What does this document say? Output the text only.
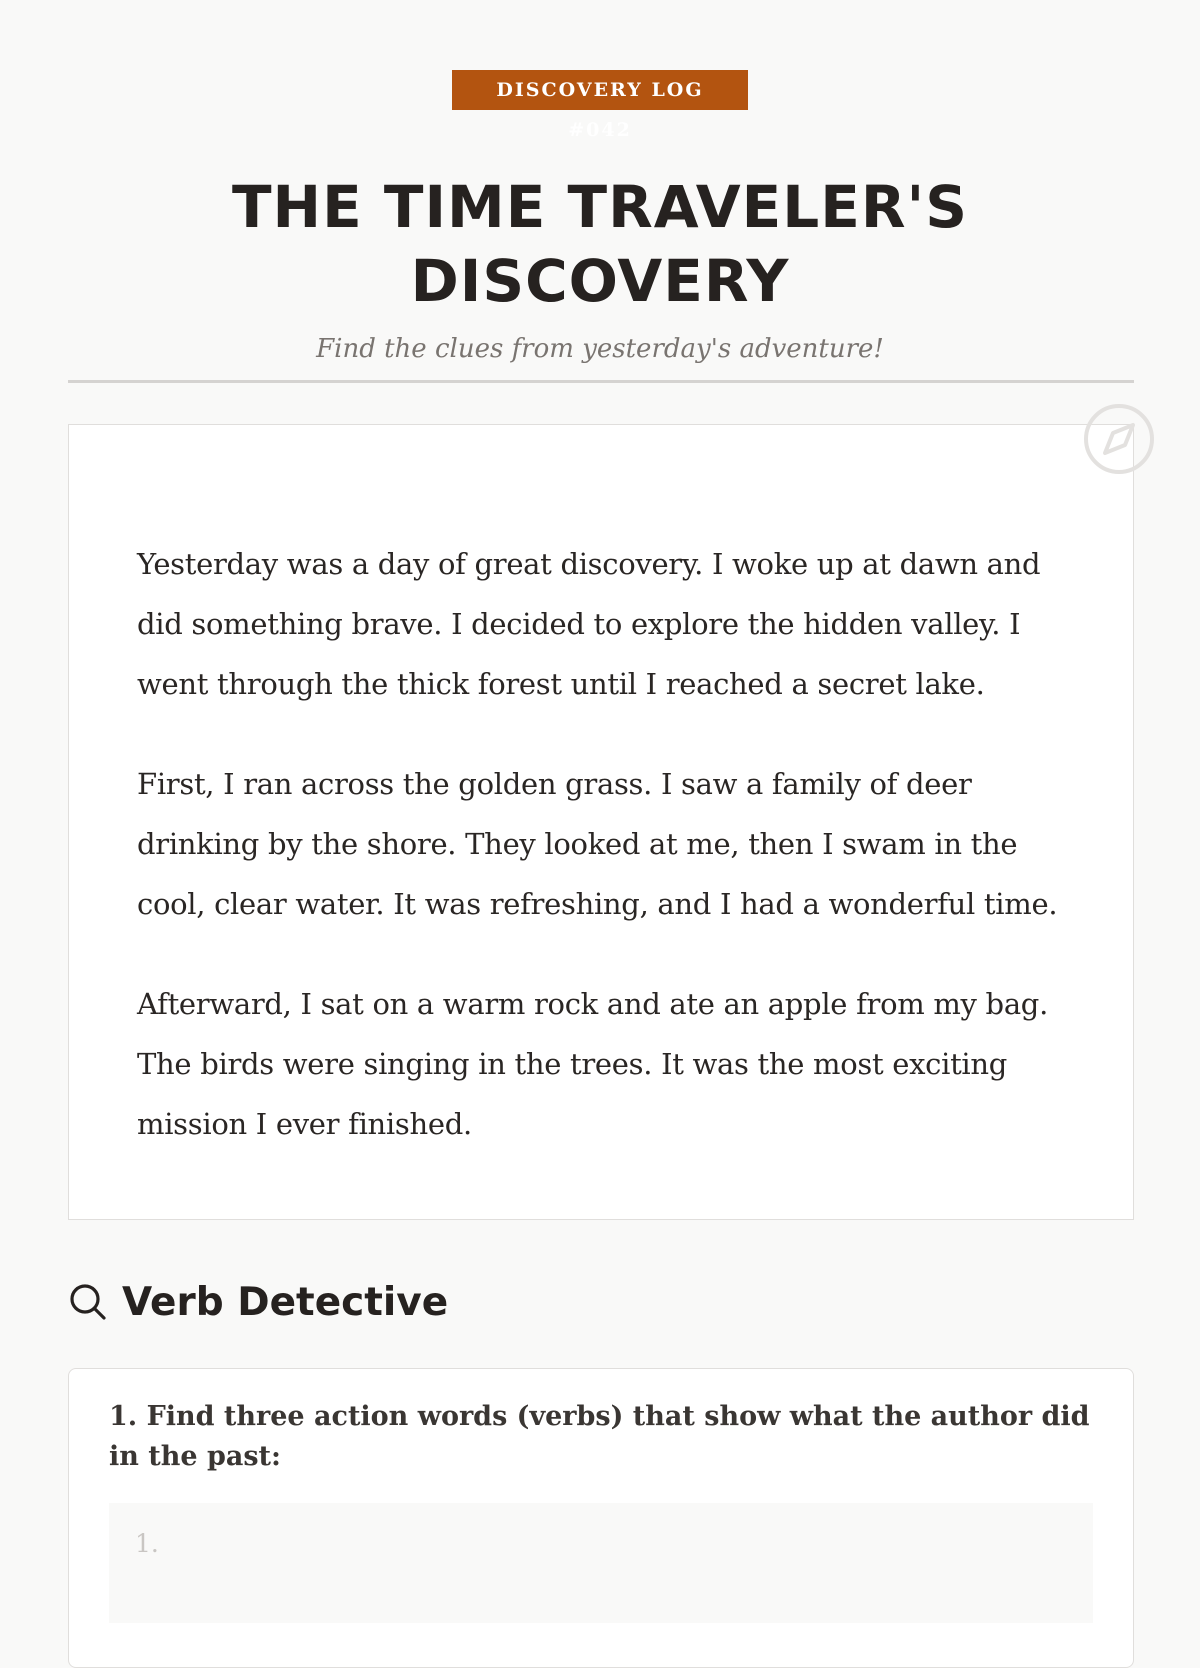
DISCOVERY LOG #042
THE TIME TRAVELER'S DISCOVERY
Find the clues from yesterday's adventure!

Yesterday was a day of great discovery. I woke up at dawn and did something brave. I decided to explore the hidden valley. I went through the thick forest until I reached a secret lake.

First, I ran across the golden grass. I saw a family of deer drinking by the shore. They looked at me, then I swam in the cool, clear water. It was refreshing, and I had a wonderful time.

Afterward, I sat on a warm rock and ate an apple from my bag. The birds were singing in the trees. It was the most exciting mission I ever finished.

Verb Detective

1. Find three action words (verbs) that show what the author did in the past:

1.
